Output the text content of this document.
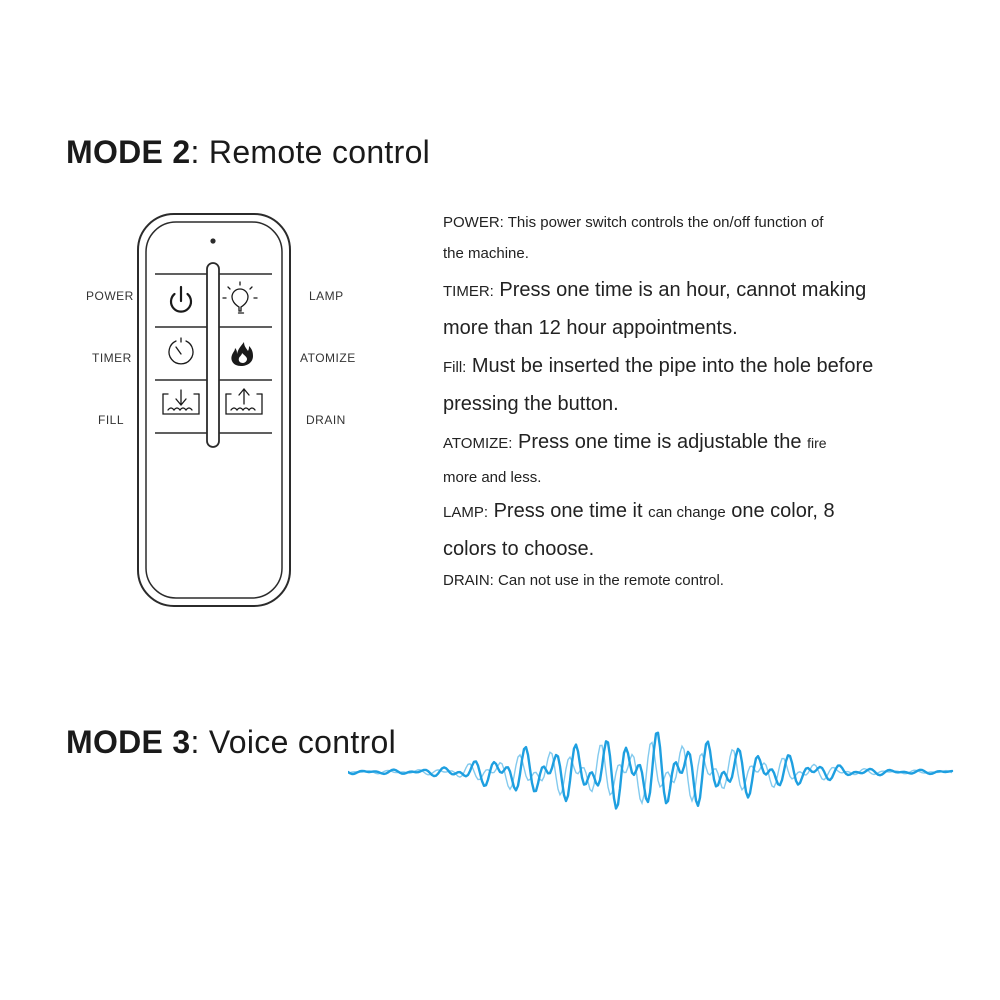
MODE 2: Remote control
POWER
TIMER
FILL
LAMP
ATOMIZE
DRAIN

POWER: This power switch controls the on/off function of

the machine.

TIMER: Press one time is an hour, cannot making

more than 12 hour appointments.

Fill: Must be inserted the pipe into the hole before

pressing the button.

ATOMIZE: Press one time is adjustable the fire

more and less.

LAMP: Press one time it can change one color, 8

colors to choose.

DRAIN: Can not use in the remote control.

MODE 3: Voice control
